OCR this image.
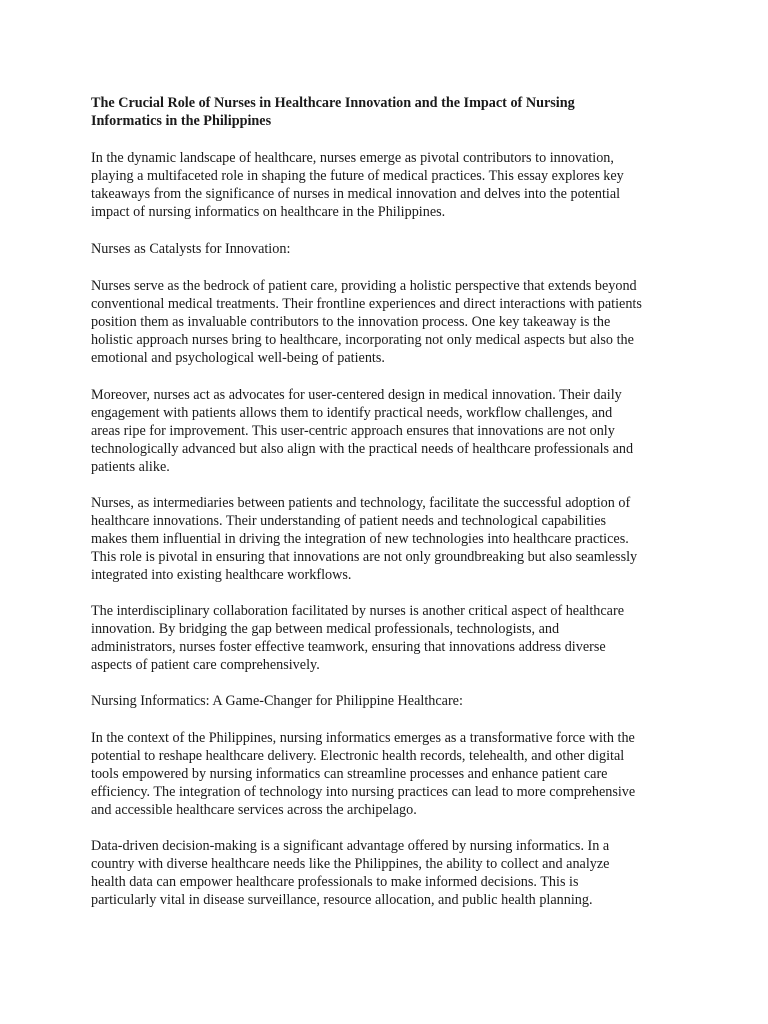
The Crucial Role of Nurses in Healthcare Innovation and the Impact of Nursing
Informatics in the Philippines

In the dynamic landscape of healthcare, nurses emerge as pivotal contributors to innovation,
playing a multifaceted role in shaping the future of medical practices. This essay explores key
takeaways from the significance of nurses in medical innovation and delves into the potential
impact of nursing informatics on healthcare in the Philippines.

Nurses as Catalysts for Innovation:

Nurses serve as the bedrock of patient care, providing a holistic perspective that extends beyond
conventional medical treatments. Their frontline experiences and direct interactions with patients
position them as invaluable contributors to the innovation process. One key takeaway is the
holistic approach nurses bring to healthcare, incorporating not only medical aspects but also the
emotional and psychological well-being of patients.

Moreover, nurses act as advocates for user-centered design in medical innovation. Their daily
engagement with patients allows them to identify practical needs, workflow challenges, and
areas ripe for improvement. This user-centric approach ensures that innovations are not only
technologically advanced but also align with the practical needs of healthcare professionals and
patients alike.

Nurses, as intermediaries between patients and technology, facilitate the successful adoption of
healthcare innovations. Their understanding of patient needs and technological capabilities
makes them influential in driving the integration of new technologies into healthcare practices.
This role is pivotal in ensuring that innovations are not only groundbreaking but also seamlessly
integrated into existing healthcare workflows.

The interdisciplinary collaboration facilitated by nurses is another critical aspect of healthcare
innovation. By bridging the gap between medical professionals, technologists, and
administrators, nurses foster effective teamwork, ensuring that innovations address diverse
aspects of patient care comprehensively.

Nursing Informatics: A Game-Changer for Philippine Healthcare:

In the context of the Philippines, nursing informatics emerges as a transformative force with the
potential to reshape healthcare delivery. Electronic health records, telehealth, and other digital
tools empowered by nursing informatics can streamline processes and enhance patient care
efficiency. The integration of technology into nursing practices can lead to more comprehensive
and accessible healthcare services across the archipelago.

Data-driven decision-making is a significant advantage offered by nursing informatics. In a
country with diverse healthcare needs like the Philippines, the ability to collect and analyze
health data can empower healthcare professionals to make informed decisions. This is
particularly vital in disease surveillance, resource allocation, and public health planning.
